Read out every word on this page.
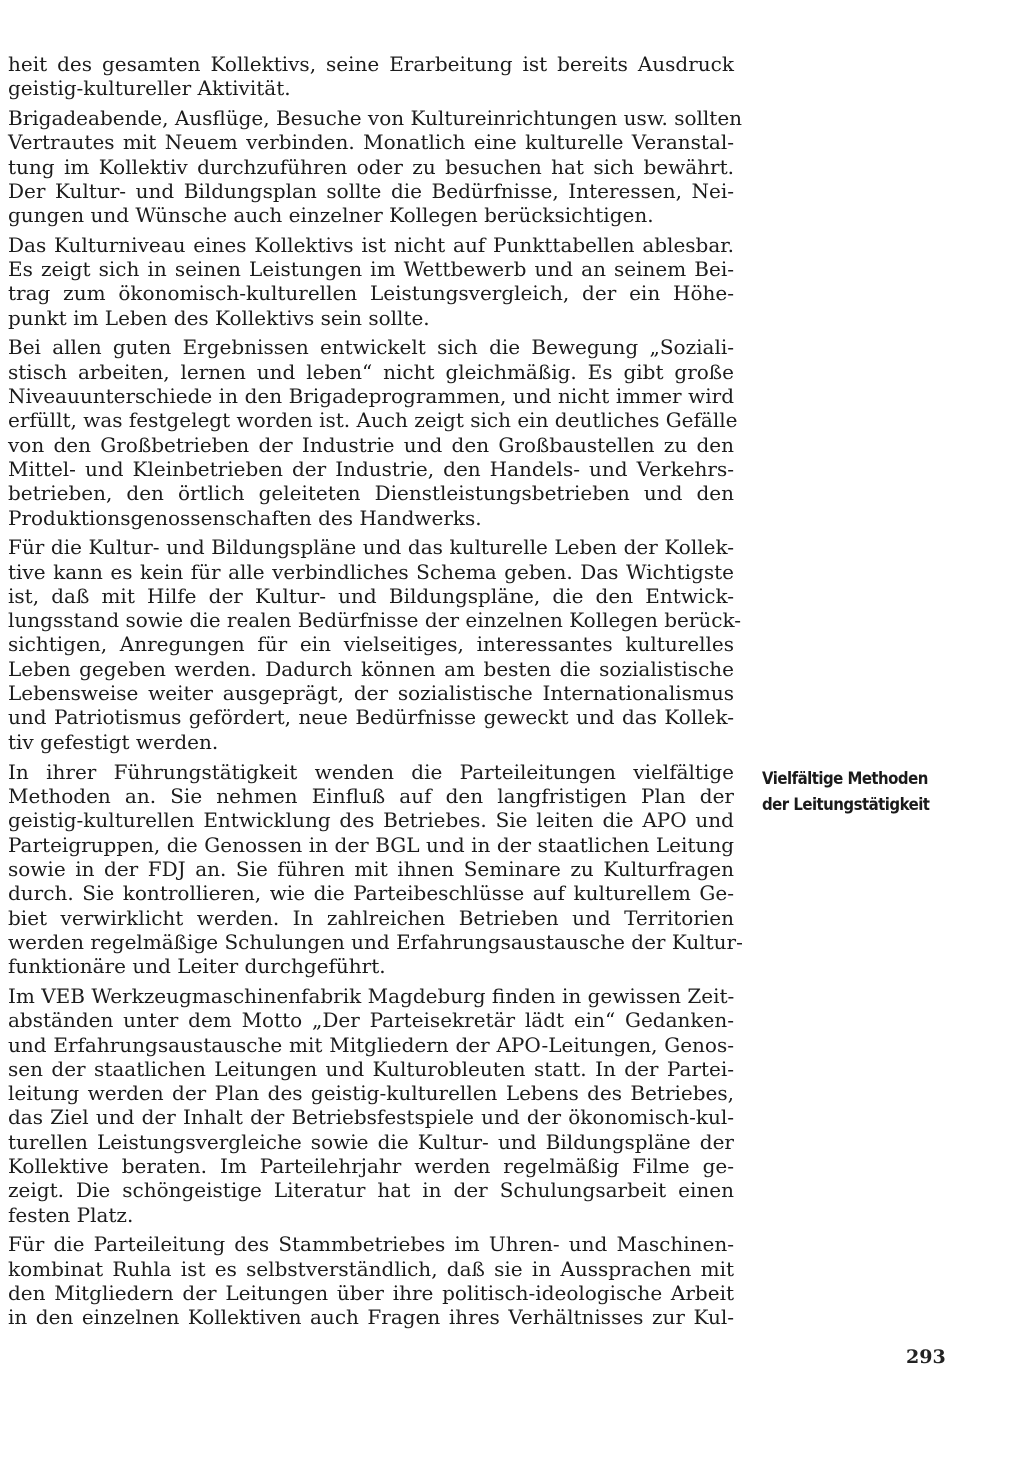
heit des gesamten Kollektivs, seine Erarbeitung ist bereits Ausdruck
geistig-kultureller Aktivität.
Brigadeabende, Ausflüge, Besuche von Kultureinrichtungen usw. sollten
Vertrautes mit Neuem verbinden. Monatlich eine kulturelle Veranstal-
tung im Kollektiv durchzuführen oder zu besuchen hat sich bewährt.
Der Kultur- und Bildungsplan sollte die Bedürfnisse, Interessen, Nei-
gungen und Wünsche auch einzelner Kollegen berücksichtigen.
Das Kulturniveau eines Kollektivs ist nicht auf Punkttabellen ablesbar.
Es zeigt sich in seinen Leistungen im Wettbewerb und an seinem Bei-
trag zum ökonomisch-kulturellen Leistungsvergleich, der ein Höhe-
punkt im Leben des Kollektivs sein sollte.
Bei allen guten Ergebnissen entwickelt sich die Bewegung „Soziali-
stisch arbeiten, lernen und leben“ nicht gleichmäßig. Es gibt große
Niveauunterschiede in den Brigadeprogrammen, und nicht immer wird
erfüllt, was festgelegt worden ist. Auch zeigt sich ein deutliches Gefälle
von den Großbetrieben der Industrie und den Großbaustellen zu den
Mittel- und Kleinbetrieben der Industrie, den Handels- und Verkehrs-
betrieben, den örtlich geleiteten Dienstleistungsbetrieben und den
Produktionsgenossenschaften des Handwerks.
Für die Kultur- und Bildungspläne und das kulturelle Leben der Kollek-
tive kann es kein für alle verbindliches Schema geben. Das Wichtigste
ist, daß mit Hilfe der Kultur- und Bildungspläne, die den Entwick-
lungsstand sowie die realen Bedürfnisse der einzelnen Kollegen berück-
sichtigen, Anregungen für ein vielseitiges, interessantes kulturelles
Leben gegeben werden. Dadurch können am besten die sozialistische
Lebensweise weiter ausgeprägt, der sozialistische Internationalismus
und Patriotismus gefördert, neue Bedürfnisse geweckt und das Kollek-
tiv gefestigt werden.
In ihrer Führungstätigkeit wenden die Parteileitungen vielfältige
Methoden an. Sie nehmen Einfluß auf den langfristigen Plan der
geistig-kulturellen Entwicklung des Betriebes. Sie leiten die APO und
Parteigruppen, die Genossen in der BGL und in der staatlichen Leitung
sowie in der FDJ an. Sie führen mit ihnen Seminare zu Kulturfragen
durch. Sie kontrollieren, wie die Parteibeschlüsse auf kulturellem Ge-
biet verwirklicht werden. In zahlreichen Betrieben und Territorien
werden regelmäßige Schulungen und Erfahrungsaustausche der Kultur-
funktionäre und Leiter durchgeführt.
Im VEB Werkzeugmaschinenfabrik Magdeburg finden in gewissen Zeit-
abständen unter dem Motto „Der Parteisekretär lädt ein“ Gedanken-
und Erfahrungsaustausche mit Mitgliedern der APO-Leitungen, Genos-
sen der staatlichen Leitungen und Kulturobleuten statt. In der Partei-
leitung werden der Plan des geistig-kulturellen Lebens des Betriebes,
das Ziel und der Inhalt der Betriebsfestspiele und der ökonomisch-kul-
turellen Leistungsvergleiche sowie die Kultur- und Bildungspläne der
Kollektive beraten. Im Parteilehrjahr werden regelmäßig Filme ge-
zeigt. Die schöngeistige Literatur hat in der Schulungsarbeit einen
festen Platz.
Für die Parteileitung des Stammbetriebes im Uhren- und Maschinen-
kombinat Ruhla ist es selbstverständlich, daß sie in Aussprachen mit
den Mitgliedern der Leitungen über ihre politisch-ideologische Arbeit
in den einzelnen Kollektiven auch Fragen ihres Verhältnisses zur Kul-
Vielfältige Methoden
der Leitungstätigkeit
293
